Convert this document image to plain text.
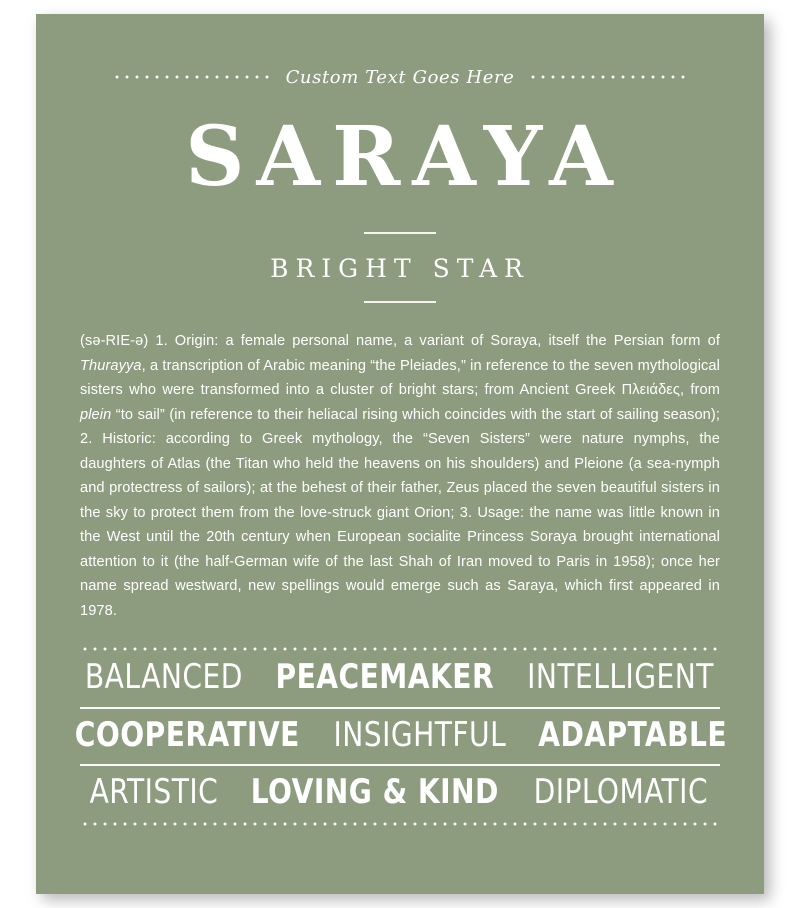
Custom Text Goes Here
SARAYA
BRIGHT STAR
(sə-RIE-ə) 1. Origin: a female personal name, a variant of Soraya, itself the Persian form of Thurayya, a transcription of Arabic meaning “the Pleiades,” in reference to the seven mythological sisters who were transformed into a cluster of bright stars; from Ancient Greek Πλειάδες, from plein “to sail” (in reference to their heliacal rising which coincides with the start of sailing season); 2. Historic: according to Greek mythology, the “Seven Sisters” were nature nymphs, the daughters of Atlas (the Titan who held the heavens on his shoulders) and Pleione (a sea-nymph and protectress of sailors); at the behest of their father, Zeus placed the seven beautiful sisters in the sky to protect them from the love-struck giant Orion; 3. Usage: the name was little known in the West until the 20th century when European socialite Princess Soraya brought international attention to it (the half-German wife of the last Shah of Iran moved to Paris in 1958); once her name spread westward, new spellings would emerge such as Saraya, which first appeared in 1978.
BALANCED PEACEMAKER INTELLIGENT
COOPERATIVE INSIGHTFUL ADAPTABLE
ARTISTIC LOVING & KIND DIPLOMATIC
